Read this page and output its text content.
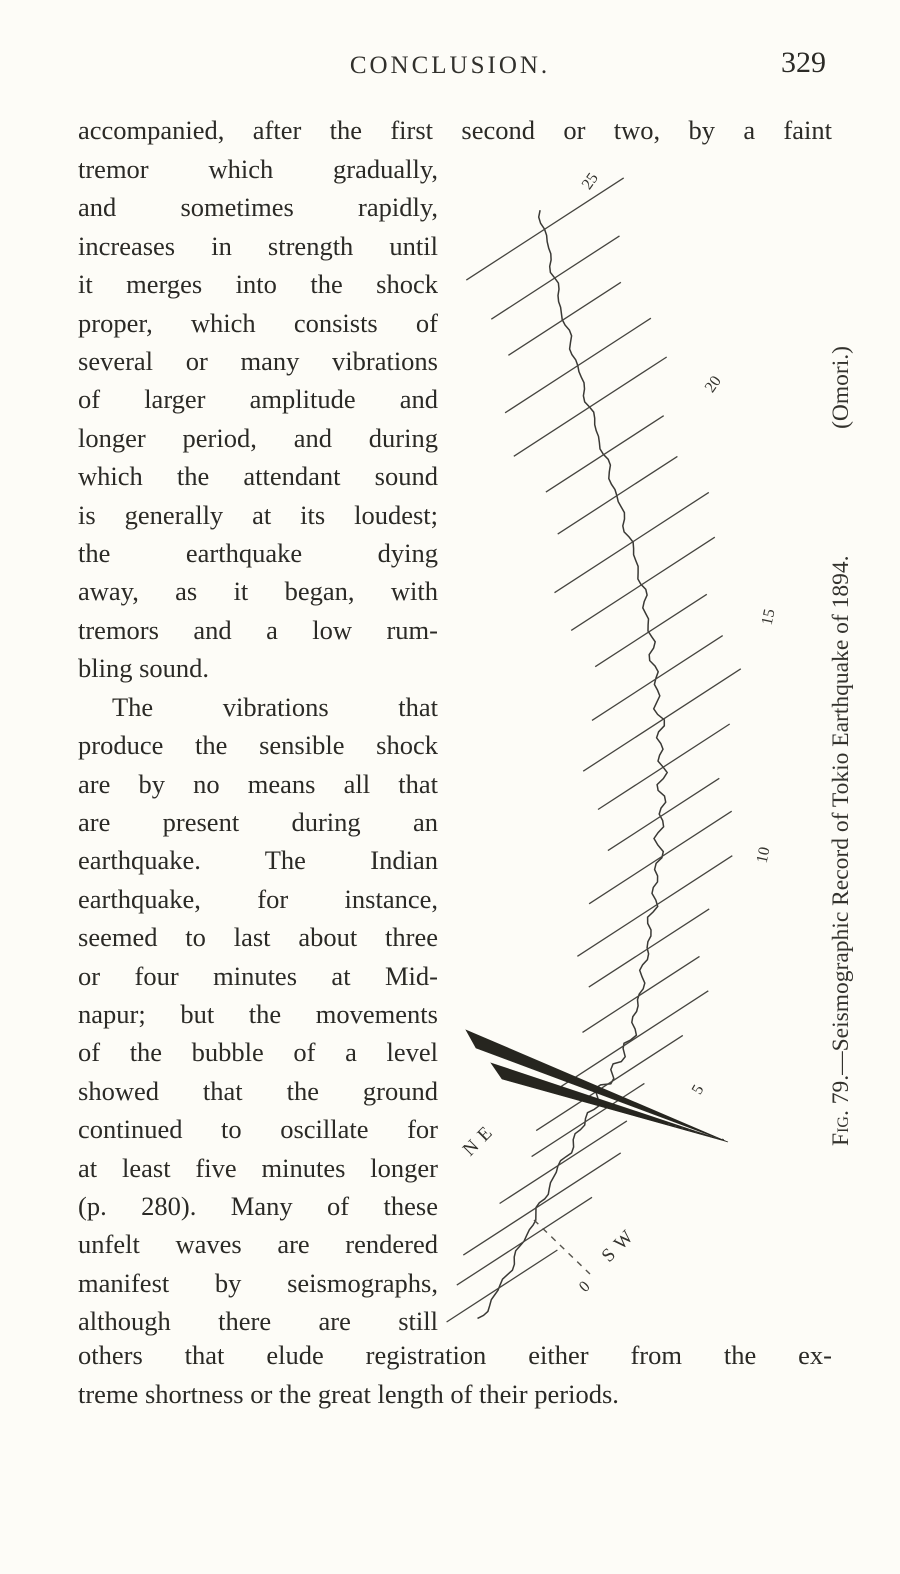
CONCLUSION.	329
accompanied, after the first second or two, by a faint
tremor which gradually,
and sometimes rapidly,
increases in strength until
it merges into the shock
proper, which consists of
several or many vibrations
of larger amplitude and
longer period, and during
which the attendant sound
is generally at its loudest;
the earthquake dying
away, as it began, with
tremors and a low rum-
bling sound.
The vibrations that
produce the sensible shock
are by no means all that
are present during an
earthquake. The Indian
earthquake, for instance,
seemed to last about three
or four minutes at Mid-
napur; but the movements
of the bubble of a level
showed that the ground
continued to oscillate for
at least five minutes longer
(p. 280). Many of these
unfelt waves are rendered
manifest by seismographs,
although there are still
others that elude registration either from the ex-
treme shortness or the great length of their periods.
25
20
15
10
5
0
NE
SW
Fig. 79.—Seismographic Record of Tokio Earthquake of 1894.
(Omori.)
